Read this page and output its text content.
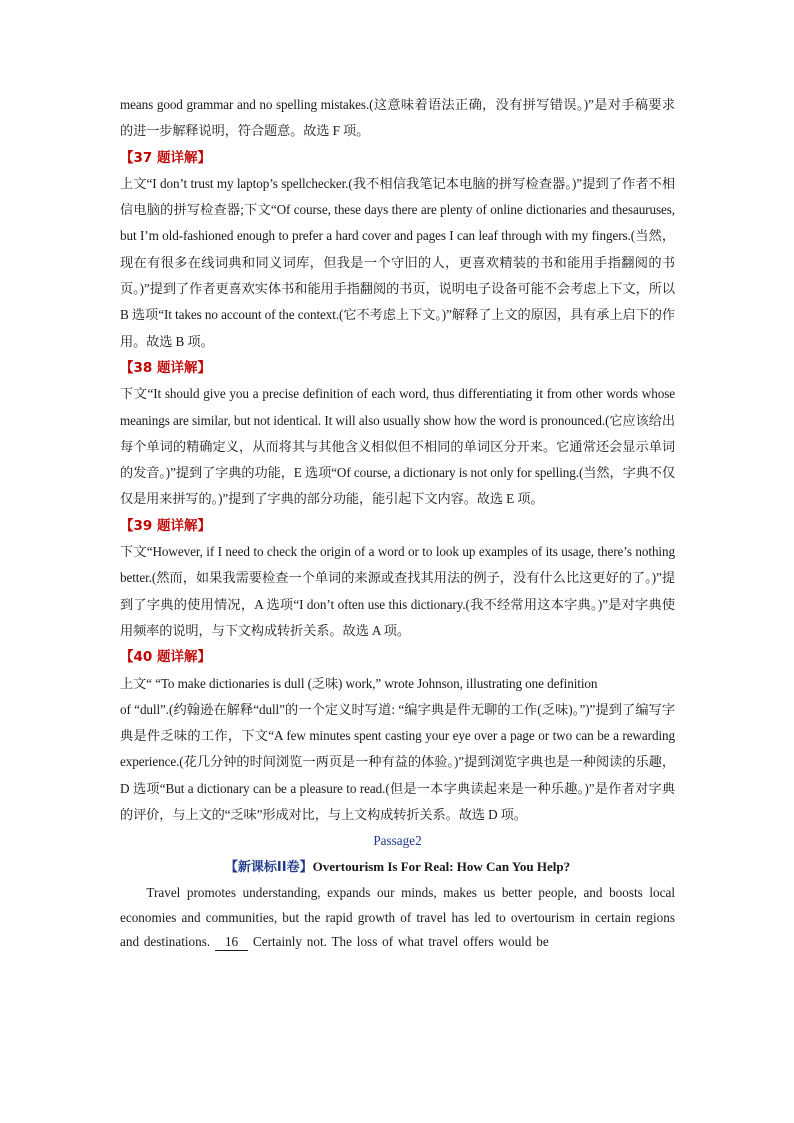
means good grammar and no spelling mistakes.(这意味着语法正确，没有拼写错误。)”是对手稿要求的进一步解释说明，符合题意。故选 F 项。

【37 题详解】

上文“I don’t trust my laptop’s spellchecker.(我不相信我笔记本电脑的拼写检查器。)”提到了作者不相信电脑的拼写检查器;下文“Of course, these days there are plenty of online dictionaries and thesauruses, but I’m old-fashioned enough to prefer a hard cover and pages I can leaf through with my fingers.(当然，现在有很多在线词典和同义词库，但我是一个守旧的人，更喜欢精装的书和能用手指翻阅的书页。)”提到了作者更喜欢实体书和能用手指翻阅的书页，说明电子设备可能不会考虑上下文，所以 B 选项“It takes no account of the context.(它不考虑上下文。)”解释了上文的原因，具有承上启下的作用。故选 B 项。

【38 题详解】

下文“It should give you a precise definition of each word, thus differentiating it from other words whose meanings are similar, but not identical. It will also usually show how the word is pronounced.(它应该给出每个单词的精确定义，从而将其与其他含义相似但不相同的单词区分开来。它通常还会显示单词的发音。)”提到了字典的功能，E 选项“Of course, a dictionary is not only for spelling.(当然，字典不仅仅是用来拼写的。)”提到了字典的部分功能，能引起下文内容。故选 E 项。

【39 题详解】

下文“However, if I need to check the origin of a word or to look up examples of its usage, there’s nothing better.(然而，如果我需要检查一个单词的来源或查找其用法的例子，没有什么比这更好的了。)”提到了字典的使用情况，A 选项“I don’t often use this dictionary.(我不经常用这本字典。)”是对字典使用频率的说明，与下文构成转折关系。故选 A 项。

【40 题详解】

上文“ “To make dictionaries is dull (乏味) work,” wrote Johnson, illustrating one definition

of “dull”.(约翰逊在解释“dull”的一个定义时写道: “编字典是件无聊的工作(乏味)。”)”提到了编写字典是件乏味的工作，下文“A few minutes spent casting your eye over a page or two can be a rewarding experience.(花几分钟的时间浏览一两页是一种有益的体验。)”提到浏览字典也是一种阅读的乐趣，D 选项“But a dictionary can be a pleasure to read.(但是一本字典读起来是一种乐趣。)”是作者对字典的评价，与上文的“乏味”形成对比，与上文构成转折关系。故选 D 项。

Passage2

【新课标ⅠⅠ卷】Overtourism Is For Real: How Can You Help?

Travel promotes understanding, expands our minds, makes us better people, and boosts local economies and communities, but the rapid growth of travel has led to overtourism in certain regions and destinations. 16 Certainly not. The loss of what travel offers would be
